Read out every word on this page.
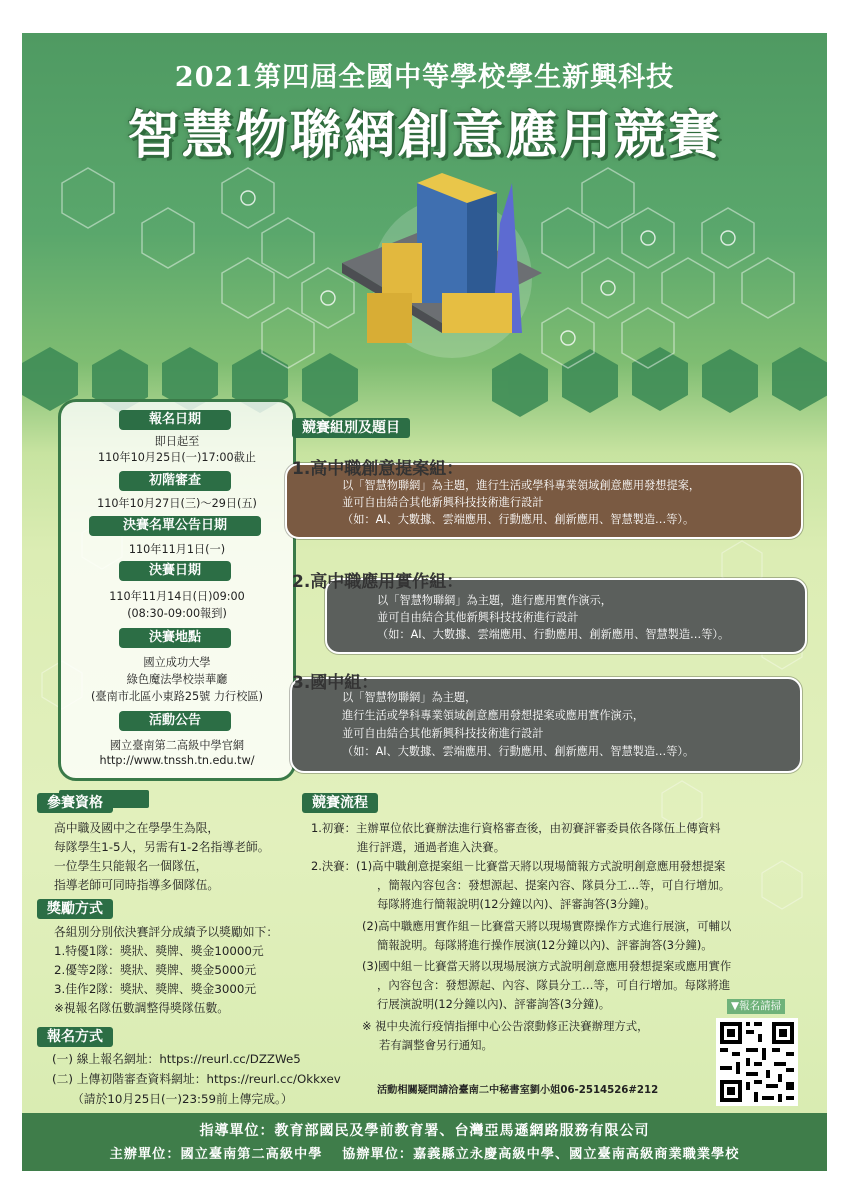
2021第四屆全國中等學校學生新興科技
智慧物聯網創意應用競賽
報名日期
即日起至
110年10月25日(一)17:00截止
初階審查
110年10月27日(三)～29日(五)
決賽名單公告日期
110年11月1日(一)
決賽日期
110年11月14日(日)09:00
(08:30-09:00報到)
決賽地點
國立成功大學
綠色魔法學校崇華廳
(臺南市北區小東路25號 力行校區)
活動公告
國立臺南第二高級中學官網
http://www.tnssh.tn.edu.tw/
競賽組別及題目
以「智慧物聯網」為主題，進行生活或學科專業領域創意應用發想提案，
並可自由結合其他新興科技技術進行設計
（如：AI、大數據、雲端應用、行動應用、創新應用、智慧製造…等）。
1.高中職創意提案組：
以「智慧物聯網」為主題，進行應用實作演示，
並可自由結合其他新興科技技術進行設計
（如：AI、大數據、雲端應用、行動應用、創新應用、智慧製造…等）。
2.高中職應用實作組：
以「智慧物聯網」為主題，
進行生活或學科專業領域創意應用發想提案或應用實作演示，
並可自由結合其他新興科技技術進行設計
（如：AI、大數據、雲端應用、行動應用、創新應用、智慧製造…等）。
3.國中組：
參賽資格
高中職及國中之在學學生為限，
每隊學生1-5人，另需有1-2名指導老師。
一位學生只能報名一個隊伍，
指導老師可同時指導多個隊伍。
獎勵方式
各組別分別依決賽評分成績予以獎勵如下：
1.特優1隊：獎狀、獎牌、獎金10000元
2.優等2隊：獎狀、獎牌、獎金5000元
3.佳作2隊：獎狀、獎牌、獎金3000元
※視報名隊伍數調整得獎隊伍數。
報名方式
(一) 線上報名網址：https://reurl.cc/DZZWe5
(二) 上傳初階審查資料網址：https://reurl.cc/Okkxev
（請於10月25日(一)23:59前上傳完成。）
競賽流程
1.初賽：主辦單位依比賽辦法進行資格審查後，由初賽評審委員依各隊伍上傳資料
進行評選，通過者進入決賽。
2.決賽：(1)高中職創意提案組－比賽當天將以現場簡報方式說明創意應用發想提案
，簡報內容包含：發想源起、提案內容、隊員分工…等，可自行增加。
每隊將進行簡報說明(12分鐘以內)、評審詢答(3分鐘)。
(2)高中職應用實作組－比賽當天將以現場實際操作方式進行展演，可輔以
簡報說明。每隊將進行操作展演(12分鐘以內)、評審詢答(3分鐘)。
(3)國中組－比賽當天將以現場展演方式說明創意應用發想提案或應用實作
，內容包含：發想源起、內容、隊員分工…等，可自行增加。每隊將進
行展演說明(12分鐘以內)、評審詢答(3分鐘)。
※ 視中央流行疫情指揮中心公告滾動修正決賽辦理方式，
若有調整會另行通知。
活動相關疑問請洽臺南二中秘書室劉小姐06-2514526#212
▼報名請掃
指導單位：教育部國民及學前教育署、台灣亞馬遜網路服務有限公司
主辦單位：國立臺南第二高級中學　 協辦單位：嘉義縣立永慶高級中學、國立臺南高級商業職業學校
